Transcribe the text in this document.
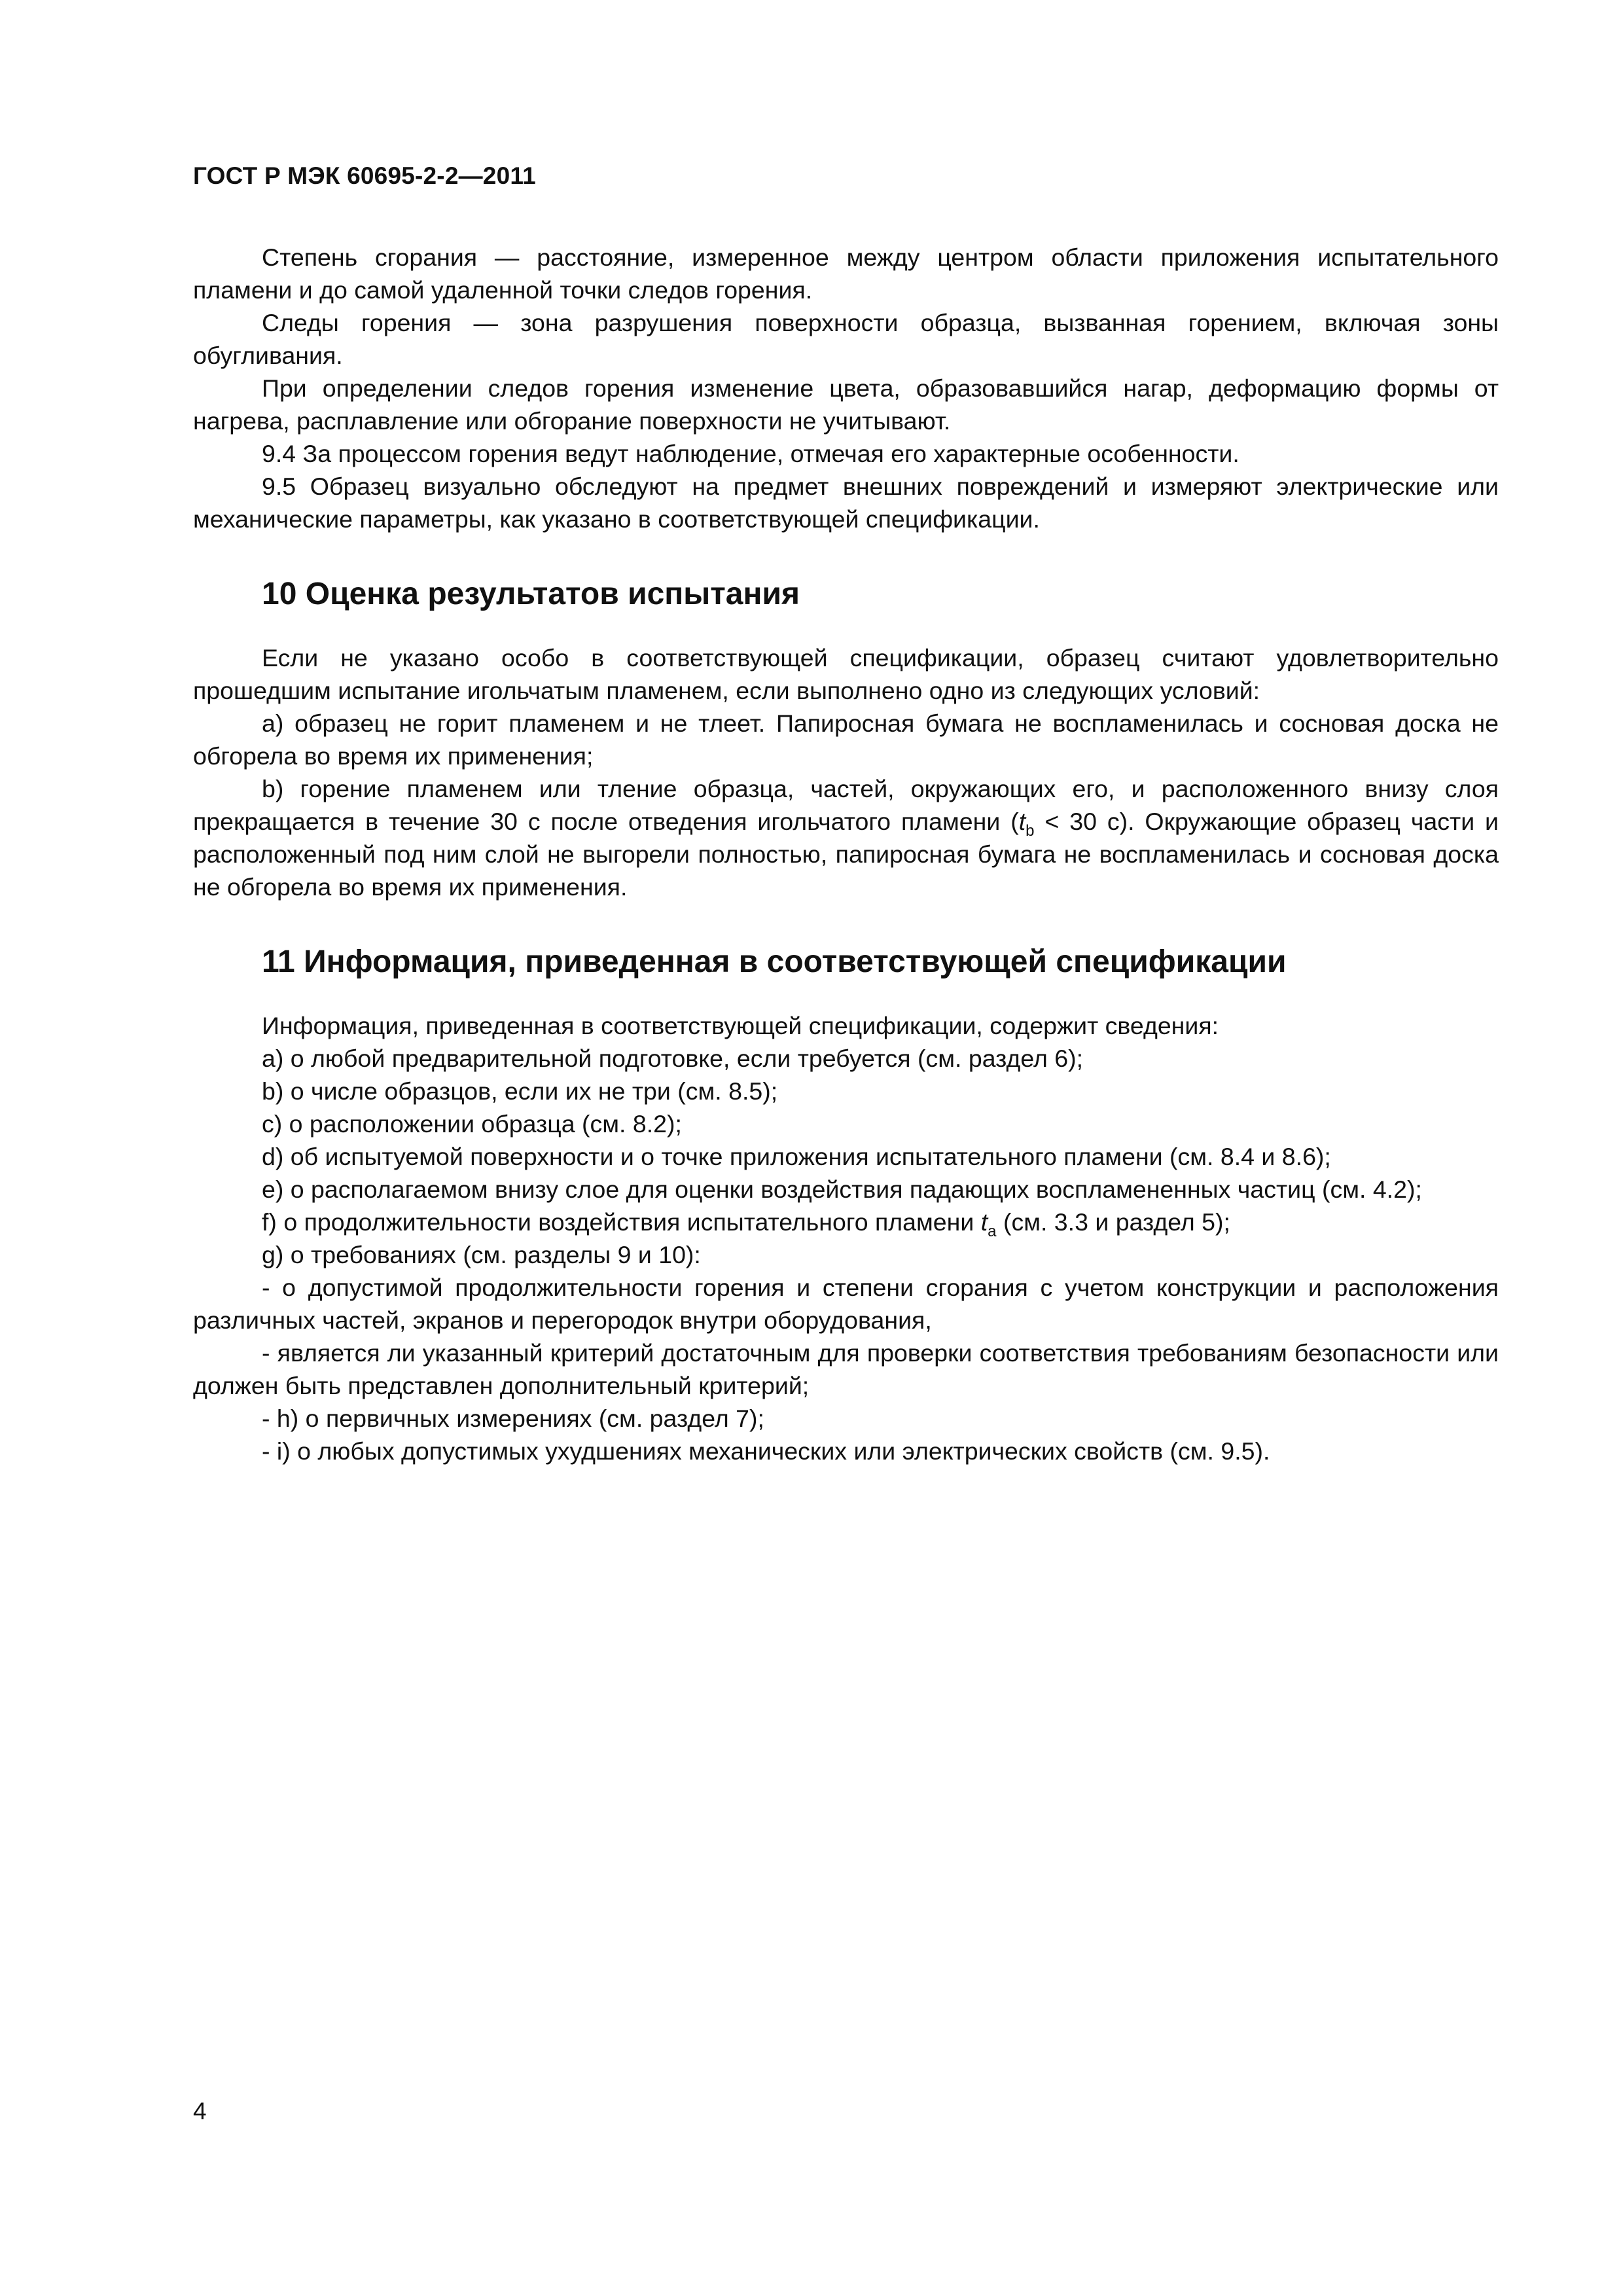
ГОСТ Р МЭК 60695-2-2—2011

Степень сгорания — расстояние, измеренное между центром области приложения испытательного пламени и до самой удаленной точки следов горения.

Следы горения — зона разрушения поверхности образца, вызванная горением, включая зоны обугливания.

При определении следов горения изменение цвета, образовавшийся нагар, деформацию формы от нагрева, расплавление или обгорание поверхности не учитывают.

9.4 За процессом горения ведут наблюдение, отмечая его характерные особенности.

9.5 Образец визуально обследуют на предмет внешних повреждений и измеряют электрические или механические параметры, как указано в соответствующей спецификации.

10 Оценка результатов испытания

Если не указано особо в соответствующей спецификации, образец считают удовлетворительно прошедшим испытание игольчатым пламенем, если выполнено одно из следующих условий:

а) образец не горит пламенем и не тлеет. Папиросная бумага не воспламенилась и сосновая доска не обгорела во время их применения;

b) горение пламенем или тление образца, частей, окружающих его, и расположенного внизу слоя прекращается в течение 30 с после отведения игольчатого пламени ($t_b < 30$ с). Окружающие образец части и расположенный под ним слой не выгорели полностью, папиросная бумага не воспламенилась и сосновая доска не обгорела во время их применения.

11 Информация, приведенная в соответствующей спецификации

Информация, приведенная в соответствующей спецификации, содержит сведения:

а) о любой предварительной подготовке, если требуется (см. раздел 6);

b) о числе образцов, если их не три (см. 8.5);

с) о расположении образца (см. 8.2);

d) об испытуемой поверхности и о точке приложения испытательного пламени (см. 8.4 и 8.6);

е) о располагаемом внизу слое для оценки воздействия падающих воспламененных частиц (см. 4.2);

f) о продолжительности воздействия испытательного пламени $t_a$ (см. 3.3 и раздел 5);

g) о требованиях (см. разделы 9 и 10):

- о допустимой продолжительности горения и степени сгорания с учетом конструкции и расположения различных частей, экранов и перегородок внутри оборудования,

- является ли указанный критерий достаточным для проверки соответствия требованиям безопасности или должен быть представлен дополнительный критерий;

- h) о первичных измерениях (см. раздел 7);

- i) о любых допустимых ухудшениях механических или электрических свойств (см. 9.5).

4
